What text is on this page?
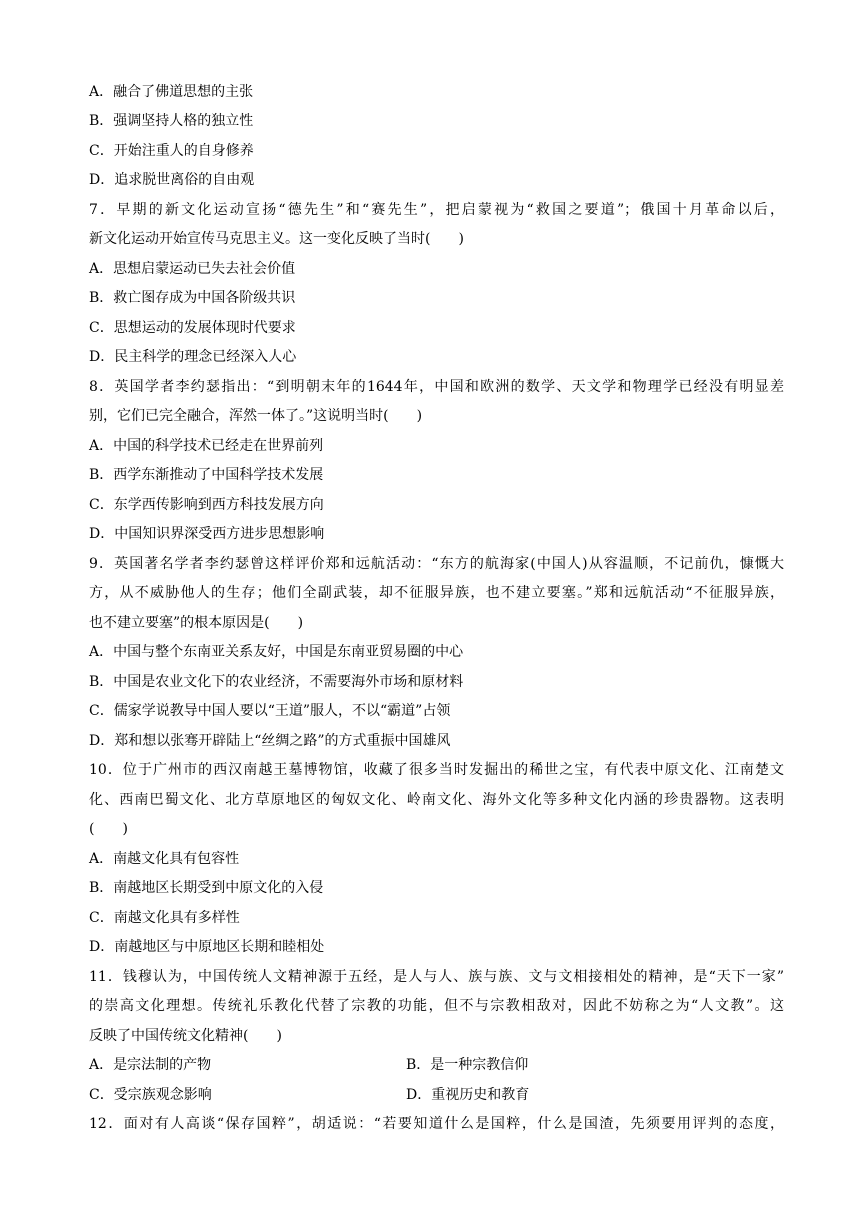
A．融合了佛道思想的主张
B．强调坚持人格的独立性
C．开始注重人的自身修养
D．追求脱世离俗的自由观
7．早期的新文化运动宣扬“德先生”和“赛先生”，把启蒙视为“救国之要道”；俄国十月革命以后，
新文化运动开始宣传马克思主义。这一变化反映了当时(　　)
A．思想启蒙运动已失去社会价值
B．救亡图存成为中国各阶级共识
C．思想运动的发展体现时代要求
D．民主科学的理念已经深入人心
8．英国学者李约瑟指出：“到明朝末年的1644年，中国和欧洲的数学、天文学和物理学已经没有明显差
别，它们已完全融合，浑然一体了。”这说明当时(　　)
A．中国的科学技术已经走在世界前列
B．西学东渐推动了中国科学技术发展
C．东学西传影响到西方科技发展方向
D．中国知识界深受西方进步思想影响
9．英国著名学者李约瑟曾这样评价郑和远航活动：“东方的航海家(中国人)从容温顺，不记前仇，慷慨大
方，从不威胁他人的生存；他们全副武装，却不征服异族，也不建立要塞。”郑和远航活动“不征服异族，
也不建立要塞”的根本原因是(　　)
A．中国与整个东南亚关系友好，中国是东南亚贸易圈的中心
B．中国是农业文化下的农业经济，不需要海外市场和原材料
C．儒家学说教导中国人要以“王道”服人，不以“霸道”占领
D．郑和想以张骞开辟陆上“丝绸之路”的方式重振中国雄风
10．位于广州市的西汉南越王墓博物馆，收藏了很多当时发掘出的稀世之宝，有代表中原文化、江南楚文
化、西南巴蜀文化、北方草原地区的匈奴文化、岭南文化、海外文化等多种文化内涵的珍贵器物。这表明
(　　)
A．南越文化具有包容性
B．南越地区长期受到中原文化的入侵
C．南越文化具有多样性
D．南越地区与中原地区长期和睦相处
11．钱穆认为，中国传统人文精神源于五经，是人与人、族与族、文与文相接相处的精神，是“天下一家”
的崇高文化理想。传统礼乐教化代替了宗教的功能，但不与宗教相敌对，因此不妨称之为“人文教”。这
反映了中国传统文化精神(　　)
A．是宗法制的产物	B．是一种宗教信仰
C．受宗族观念影响	D．重视历史和教育
12．面对有人高谈“保存国粹”，胡适说：“若要知道什么是国粹，什么是国渣，先须要用评判的态度，
